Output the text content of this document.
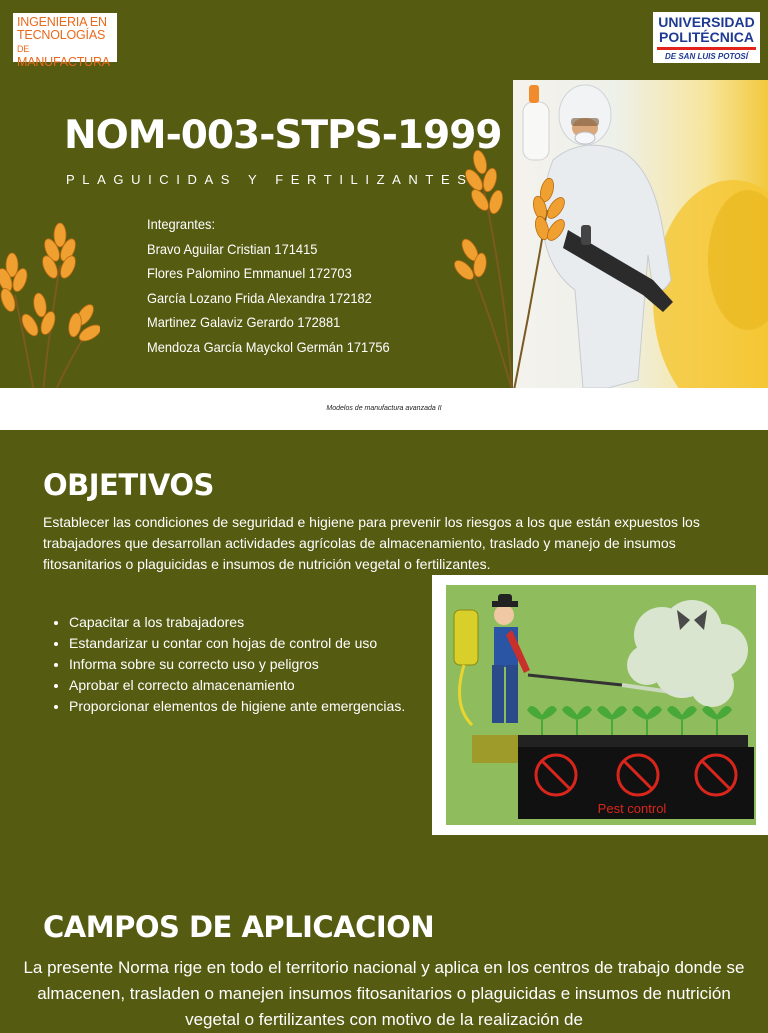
INGENIERIA EN
TECNOLOGÍAS DE
MANUFACTURA
UNIVERSIDAD
POLITÉCNICA
DE SAN LUIS POTOSÍ
NOM-003-STPS-1999
PLAGUICIDAS Y FERTILIZANTES
Integrantes:
Bravo Aguilar Cristian 171415
Flores Palomino Emmanuel 172703
García Lozano Frida Alexandra 172182
Martinez Galaviz Gerardo 172881
Mendoza García Mayckol Germán 171756
Modelos de manufactura avanzada II
OBJETIVOS
Establecer las condiciones de seguridad e higiene para prevenir los riesgos a los que están expuestos los trabajadores que desarrollan actividades agrícolas de almacenamiento, traslado y manejo de insumos fitosanitarios o plaguicidas e insumos de nutrición vegetal o fertilizantes.
• Capacitar a los trabajadores
• Estandarizar u contar con hojas de control de uso
• Informa sobre su correcto uso y peligros
• Aprobar el correcto almacenamiento
• Proporcionar elementos de higiene ante emergencias.
Pest control
CAMPOS DE APLICACION
La presente Norma rige en todo el territorio nacional y aplica en los centros de trabajo donde se almacenen, trasladen o manejen insumos fitosanitarios o plaguicidas e insumos de nutrición vegetal o fertilizantes con motivo de la realización de
